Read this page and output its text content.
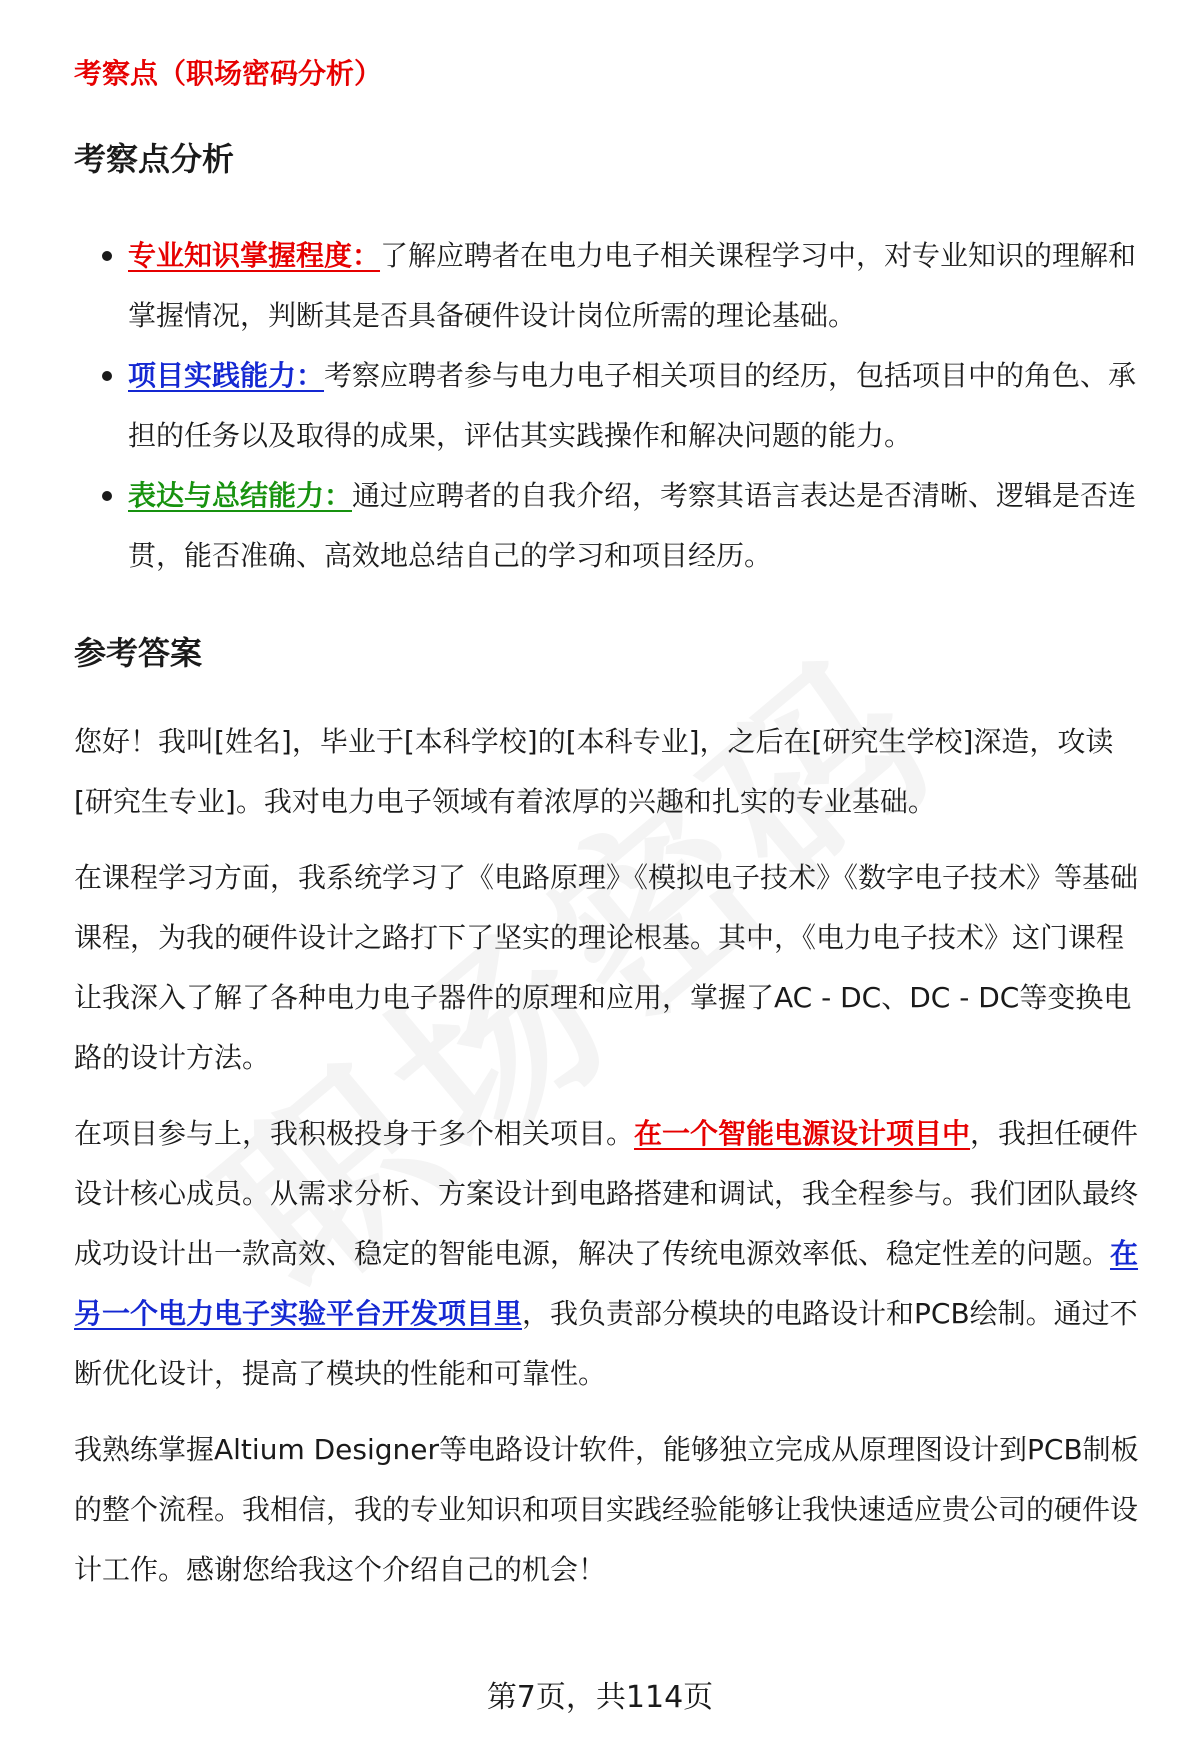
考察点（职场密码分析）

考察点分析
专业知识掌握程度：了解应聘者在电力电子相关课程学习中，对专业知识的理解和掌握情况，判断其是否具备硬件设计岗位所需的理论基础。
项目实践能力：考察应聘者参与电力电子相关项目的经历，包括项目中的角色、承担的任务以及取得的成果，评估其实践操作和解决问题的能力。
表达与总结能力：通过应聘者的自我介绍，考察其语言表达是否清晰、逻辑是否连贯，能否准确、高效地总结自己的学习和项目经历。
参考答案

您好！我叫[姓名]，毕业于[本科学校]的[本科专业]，之后在[研究生学校]深造，攻读[研究生专业]。我对电力电子领域有着浓厚的兴趣和扎实的专业基础。

在课程学习方面，我系统学习了《电路原理》《模拟电子技术》《数字电子技术》等基础课程，为我的硬件设计之路打下了坚实的理论根基。其中，《电力电子技术》这门课程让我深入了解了各种电力电子器件的原理和应用，掌握了AC - DC、DC - DC等变换电路的设计方法。

在项目参与上，我积极投身于多个相关项目。在一个智能电源设计项目中，我担任硬件设计核心成员。从需求分析、方案设计到电路搭建和调试，我全程参与。我们团队最终成功设计出一款高效、稳定的智能电源，解决了传统电源效率低、稳定性差的问题。在另一个电力电子实验平台开发项目里，我负责部分模块的电路设计和PCB绘制。通过不断优化设计，提高了模块的性能和可靠性。

我熟练掌握Altium Designer等电路设计软件，能够独立完成从原理图设计到PCB制板的整个流程。我相信，我的专业知识和项目实践经验能够让我快速适应贵公司的硬件设计工作。感谢您给我这个介绍自己的机会！

第7页，共114页
